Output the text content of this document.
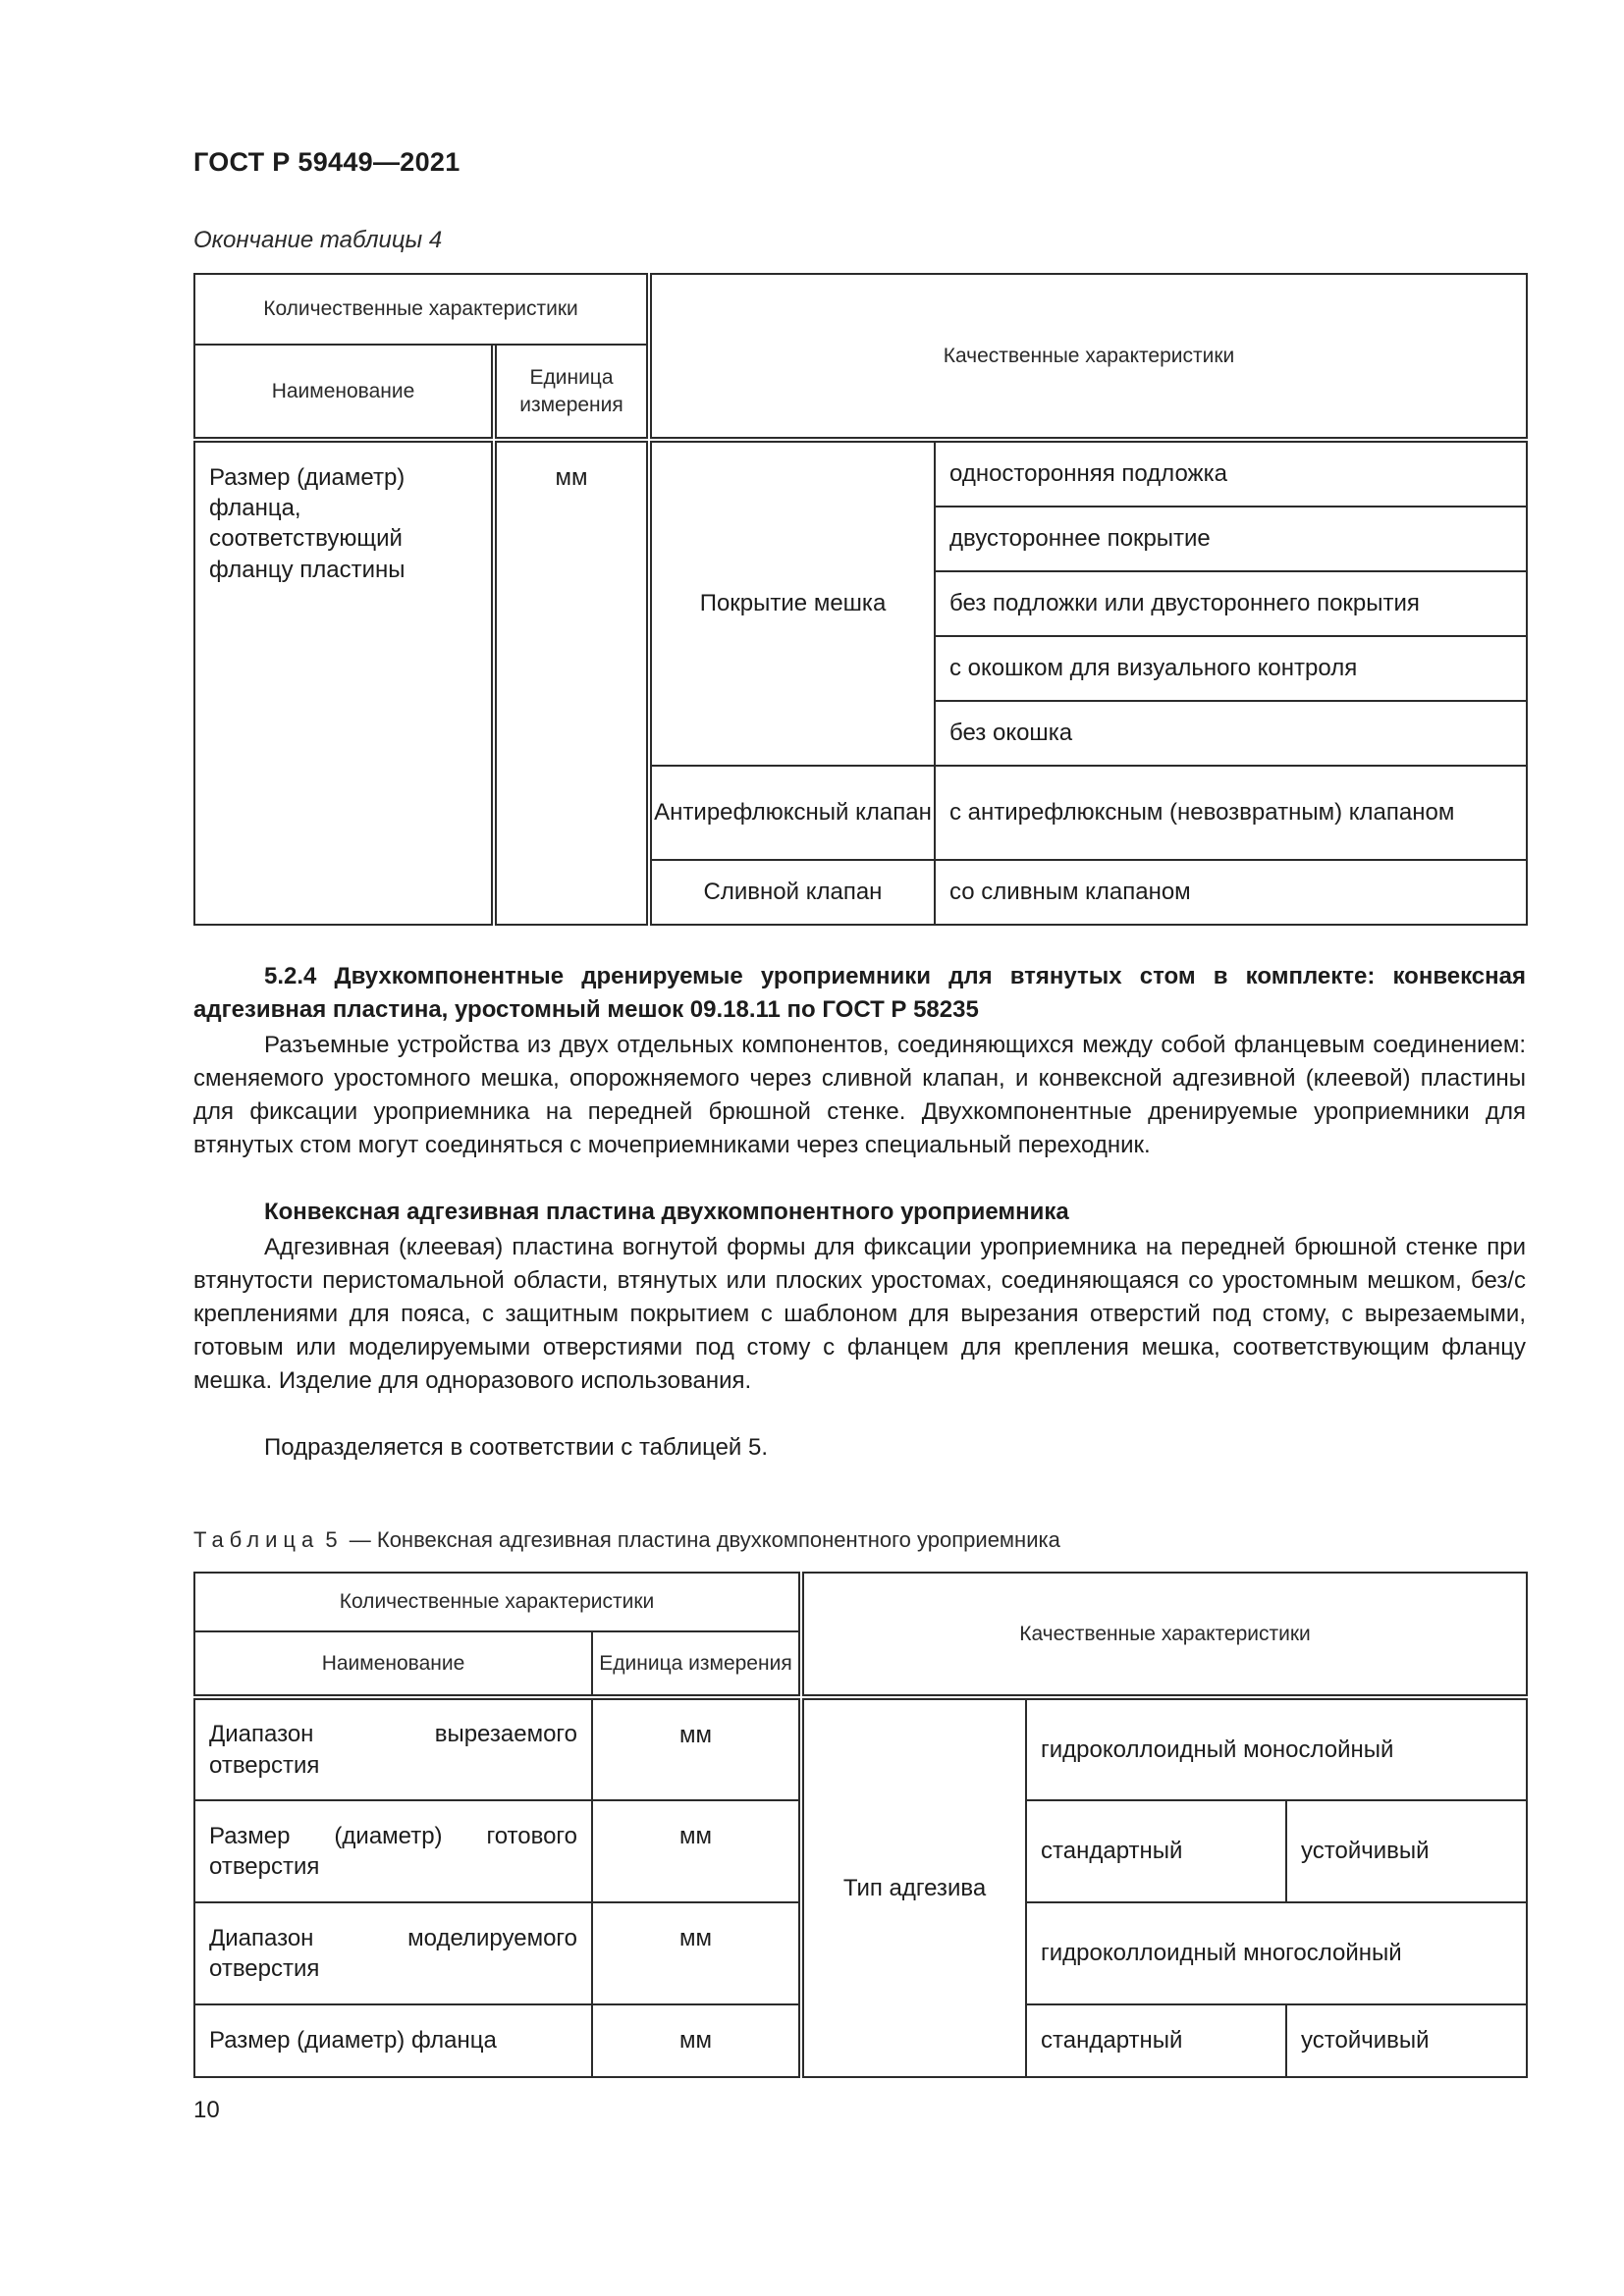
ГОСТ Р 59449—2021
Окончание таблицы 4
Количественные характеристики				Качественные характеристики	
Наименование		Единица измерения			

Размер (диаметр) фланца, соответствующий фланцу пластины		мм		Покрытие мешка	односторонняя подложка
					двустороннее покрытие
					без подложки или двустороннего покрытия
					с окошком для визуального контроля
					без окошка
				Антирефлюксный клапан	с антирефлюксным (невозвратным) клапаном
				Сливной клапан	со сливным клапаном
5.2.4 Двухкомпонентные дренируемые уроприемники для втянутых стом в комплекте: конвексная адгезивная пластина, уростомный мешок 09.18.11 по ГОСТ Р 58235
Разъемные устройства из двух отдельных компонентов, соединяющихся между собой фланцевым соединением: сменяемого уростомного мешка, опорожняемого через сливной клапан, и конвексной адгезивной (клеевой) пластины для фиксации уроприемника на передней брюшной стенке. Двухкомпонентные дренируемые уроприемники для втянутых стом могут соединяться с мочеприемниками через специальный переходник.
Конвексная адгезивная пластина двухкомпонентного уроприемника
Адгезивная (клеевая) пластина вогнутой формы для фиксации уроприемника на передней брюшной стенке при втянутости перистомальной области, втянутых или плоских уростомах, соединяющаяся со уростомным мешком, без/с креплениями для пояса, с защитным покрытием с шаблоном для вырезания отверстий под стому, с вырезаемыми, готовым или моделируемыми отверстиями под стому с фланцем для крепления мешка, соответствующим фланцу мешка. Изделие для одноразового использования.
Подразделяется в соответствии с таблицей 5.
Таблица 5 — Конвексная адгезивная пластина двухкомпонентного уроприемника
Количественные характеристики			Качественные характеристики		
Наименование	Единица измерения				

Диапазон вырезаемого отверстия	мм		Тип адгезива	гидроколлоидный монослойный	
Размер (диаметр) готового отверстия	мм			стандартный	устойчивый
Диапазон моделируемого отверстия	мм			гидроколлоидный многослойный	
Размер (диаметр) фланца	мм			стандартный	устойчивый
10
